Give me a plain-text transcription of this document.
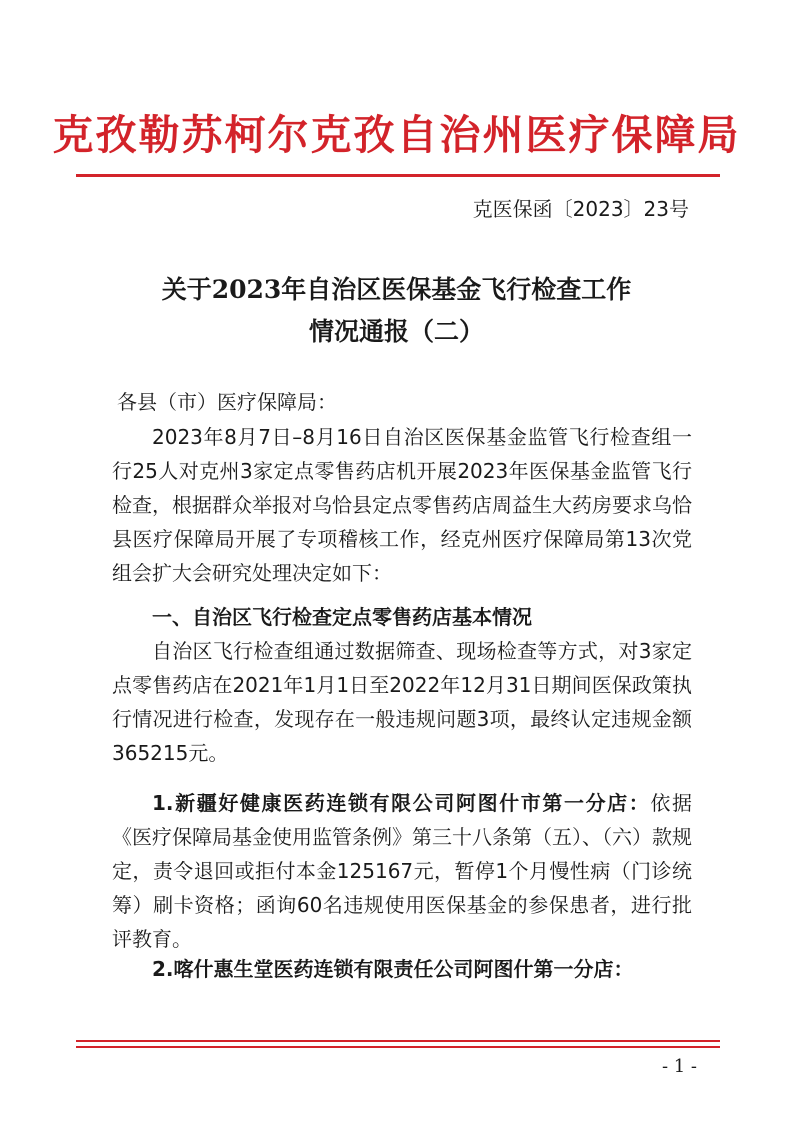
克孜勒苏柯尔克孜自治州医疗保障局
克医保函〔2023〕23号
关于2023年自治区医保基金飞行检查工作
情况通报（二）
各县（市）医疗保障局：
2023年8月7日–8月16日自治区医保基金监管飞行检查组一行25人对克州3家定点零售药店机开展2023年医保基金监管飞行检查，根据群众举报对乌恰县定点零售药店周益生大药房要求乌恰县医疗保障局开展了专项稽核工作，经克州医疗保障局第13次党组会扩大会研究处理决定如下：
一、自治区飞行检查定点零售药店基本情况
自治区飞行检查组通过数据筛查、现场检查等方式，对3家定点零售药店在2021年1月1日至2022年12月31日期间医保政策执行情况进行检查，发现存在一般违规问题3项，最终认定违规金额365215元。
1.新疆好健康医药连锁有限公司阿图什市第一分店：依据《医疗保障局基金使用监管条例》第三十八条第（五）、（六）款规定，责令退回或拒付本金125167元，暂停1个月慢性病（门诊统筹）刷卡资格；函询60名违规使用医保基金的参保患者，进行批评教育。
2.喀什惠生堂医药连锁有限责任公司阿图什第一分店：
- 1 -
